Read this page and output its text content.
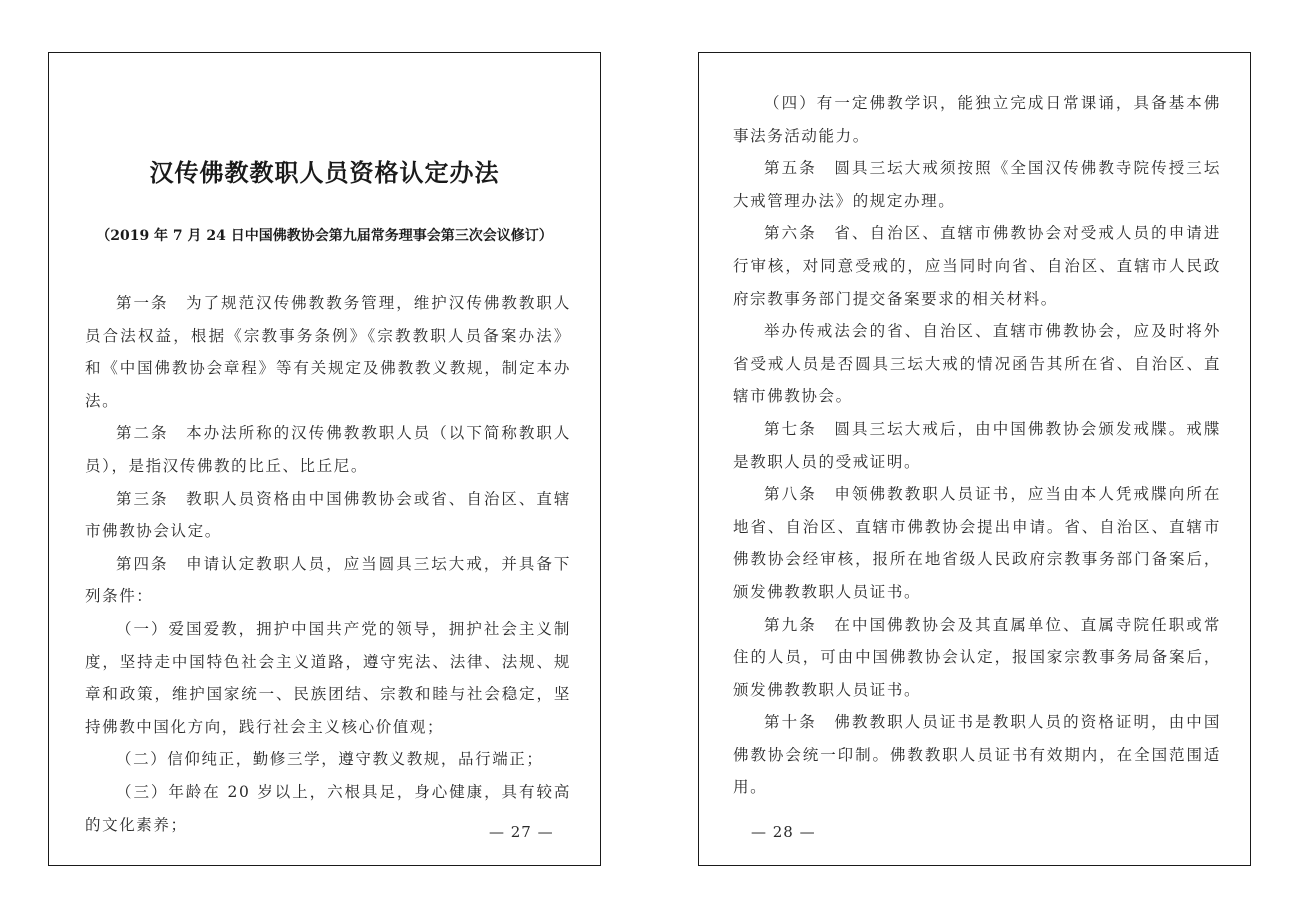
汉传佛教教职人员资格认定办法
（2019 年 7 月 24 日中国佛教协会第九届常务理事会第三次会议修订）

第一条　为了规范汉传佛教教务管理，维护汉传佛教教职人员合法权益，根据《宗教事务条例》《宗教教职人员备案办法》和《中国佛教协会章程》等有关规定及佛教教义教规，制定本办法。

第二条　本办法所称的汉传佛教教职人员（以下简称教职人员），是指汉传佛教的比丘、比丘尼。

第三条　教职人员资格由中国佛教协会或省、自治区、直辖市佛教协会认定。

第四条　申请认定教职人员，应当圆具三坛大戒，并具备下列条件：

（一）爱国爱教，拥护中国共产党的领导，拥护社会主义制度，坚持走中国特色社会主义道路，遵守宪法、法律、法规、规章和政策，维护国家统一、民族团结、宗教和睦与社会稳定，坚持佛教中国化方向，践行社会主义核心价值观；

（二）信仰纯正，勤修三学，遵守教义教规，品行端正；

（三）年龄在 20 岁以上，六根具足，身心健康，具有较高的文化素养；	— 27 —

（四）有一定佛教学识，能独立完成日常课诵，具备基本佛事法务活动能力。

第五条　圆具三坛大戒须按照《全国汉传佛教寺院传授三坛大戒管理办法》的规定办理。

第六条　省、自治区、直辖市佛教协会对受戒人员的申请进行审核，对同意受戒的，应当同时向省、自治区、直辖市人民政府宗教事务部门提交备案要求的相关材料。

举办传戒法会的省、自治区、直辖市佛教协会，应及时将外省受戒人员是否圆具三坛大戒的情况函告其所在省、自治区、直辖市佛教协会。

第七条　圆具三坛大戒后，由中国佛教协会颁发戒牒。戒牒是教职人员的受戒证明。

第八条　申领佛教教职人员证书，应当由本人凭戒牒向所在地省、自治区、直辖市佛教协会提出申请。省、自治区、直辖市佛教协会经审核，报所在地省级人民政府宗教事务部门备案后，颁发佛教教职人员证书。

第九条　在中国佛教协会及其直属单位、直属寺院任职或常住的人员，可由中国佛教协会认定，报国家宗教事务局备案后，颁发佛教教职人员证书。

第十条　佛教教职人员证书是教职人员的资格证明，由中国佛教协会统一印制。佛教教职人员证书有效期内，在全国范围适用。

— 28 —
